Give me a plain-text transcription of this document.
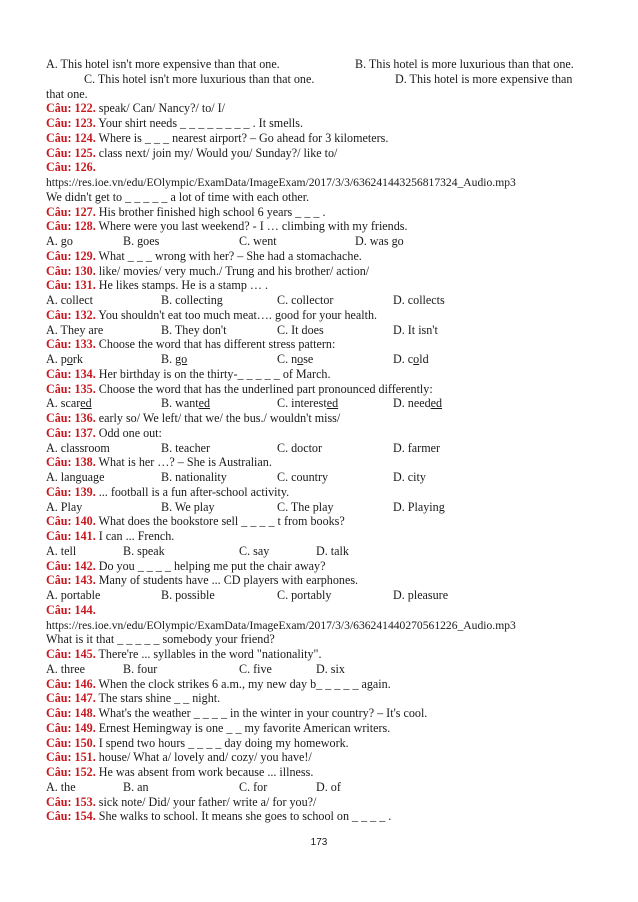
A. This hotel isn't more expensive than that one.	B. This hotel is more luxurious than that one.
C. This hotel isn't more luxurious than that one.	D. This hotel is more expensive than
that one.
Câu: 122. speak/ Can/ Nancy?/ to/ I/
Câu: 123. Your shirt needs _ _ _ _ _ _ _ _ . It smells.
Câu: 124. Where is _ _ _ nearest airport? – Go ahead for 3 kilometers.
Câu: 125. class next/ join my/ Would you/ Sunday?/ like to/
Câu: 126.
https://res.ioe.vn/edu/EOlympic/ExamData/ImageExam/2017/3/3/636241443256817324_Audio.mp3
We didn't get to _ _ _ _ _ a lot of time with each other.
Câu: 127. His brother finished high school 6 years _ _ _ .
Câu: 128. Where were you last weekend? - I … climbing with my friends.
A. go	B. goes	C. went	D. was go
Câu: 129. What _ _ _ wrong with her? – She had a stomachache.
Câu: 130. like/ movies/ very much./ Trung and his brother/ action/
Câu: 131. He likes stamps. He is a stamp … .
A. collect	B. collecting	C. collector	D. collects
Câu: 132. You shouldn't eat too much meat…. good for your health.
A. They are	B. They don't	C. It does	D. It isn't
Câu: 133. Choose the word that has different stress pattern:
A. pork	B. go	C. nose	D. cold
Câu: 134. Her birthday is on the thirty-_ _ _ _ _ of March.
Câu: 135. Choose the word that has the underlined part pronounced differently:
A. scared	B. wanted	C. interested	D. needed
Câu: 136. early so/ We left/ that we/ the bus./ wouldn't miss/
Câu: 137. Odd one out:
A. classroom	B. teacher	C. doctor	D. farmer
Câu: 138. What is her …? – She is Australian.
A. language	B. nationality	C. country	D. city
Câu: 139. ... football is a fun after-school activity.
A. Play	B. We play	C. The play	D. Playing
Câu: 140. What does the bookstore sell _ _ _ _ t from books?
Câu: 141. I can ... French.
A. tell	B. speak	C. say	D. talk
Câu: 142. Do you _ _ _ _ helping me put the chair away?
Câu: 143. Many of students have ... CD players with earphones.
A. portable	B. possible	C. portably	D. pleasure
Câu: 144.
https://res.ioe.vn/edu/EOlympic/ExamData/ImageExam/2017/3/3/636241440270561226_Audio.mp3
What is it that _ _ _ _ _ somebody your friend?
Câu: 145. There're ... syllables in the word "nationality".
A. three	B. four	C. five	D. six
Câu: 146. When the clock strikes 6 a.m., my new day b_ _ _ _ _ again.
Câu: 147. The stars shine _ _ night.
Câu: 148. What's the weather _ _ _ _ in the winter in your country? – It's cool.
Câu: 149. Ernest Hemingway is one _ _ my favorite American writers.
Câu: 150. I spend two hours _ _ _ _ day doing my homework.
Câu: 151. house/ What a/ lovely and/ cozy/ you have!/
Câu: 152. He was absent from work because ... illness.
A. the	B. an	C. for	D. of
Câu: 153. sick note/ Did/ your father/ write a/ for you?/
Câu: 154. She walks to school. It means she goes to school on _ _ _ _ .
173
